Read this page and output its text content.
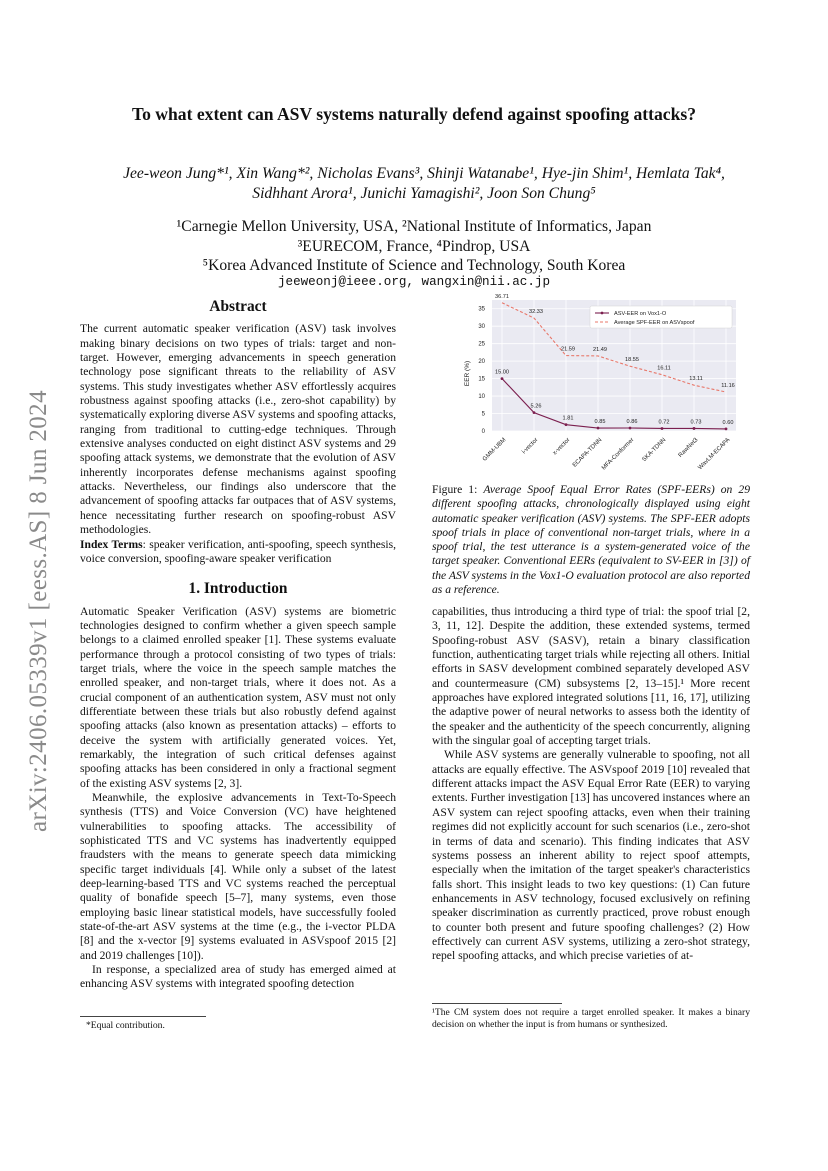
arXiv:2406.05339v1 [eess.AS] 8 Jun 2024
To what extent can ASV systems naturally defend against spoofing attacks?
Jee-weon Jung*¹, Xin Wang*², Nicholas Evans³, Shinji Watanabe¹, Hye-jin Shim¹, Hemlata Tak⁴,
Sidhhant Arora¹, Junichi Yamagishi², Joon Son Chung⁵
¹Carnegie Mellon University, USA, ²National Institute of Informatics, Japan
³EURECOM, France, ⁴Pindrop, USA
⁵Korea Advanced Institute of Science and Technology, South Korea
jeeweonj@ieee.org, wangxin@nii.ac.jp
Abstract

The current automatic speaker verification (ASV) task involves making binary decisions on two types of trials: target and non-target. However, emerging advancements in speech generation technology pose significant threats to the reliability of ASV systems. This study investigates whether ASV effortlessly acquires robustness against spoofing attacks (i.e., zero-shot capability) by systematically exploring diverse ASV systems and spoofing attacks, ranging from traditional to cutting-edge techniques. Through extensive analyses conducted on eight distinct ASV systems and 29 spoofing attack systems, we demonstrate that the evolution of ASV inherently incorporates defense mechanisms against spoofing attacks. Nevertheless, our findings also underscore that the advancement of spoofing attacks far outpaces that of ASV systems, hence necessitating further research on spoofing-robust ASV methodologies.

Index Terms: speaker verification, anti-spoofing, speech synthesis, voice conversion, spoofing-aware speaker verification

1. Introduction

Automatic Speaker Verification (ASV) systems are biometric technologies designed to confirm whether a given speech sample belongs to a claimed enrolled speaker [1]. These systems evaluate performance through a protocol consisting of two types of trials: target trials, where the voice in the speech sample matches the enrolled speaker, and non-target trials, where it does not. As a crucial component of an authentication system, ASV must not only differentiate between these trials but also robustly defend against spoofing attacks (also known as presentation attacks) – efforts to deceive the system with artificially generated voices. Yet, remarkably, the integration of such critical defenses against spoofing attacks has been considered in only a fractional segment of the existing ASV systems [2, 3].

Meanwhile, the explosive advancements in Text-To-Speech synthesis (TTS) and Voice Conversion (VC) have heightened vulnerabilities to spoofing attacks. The accessibility of sophisticated TTS and VC systems has inadvertently equipped fraudsters with the means to generate speech data mimicking specific target individuals [4]. While only a subset of the latest deep-learning-based TTS and VC systems reached the perceptual quality of bonafide speech [5–7], many systems, even those employing basic linear statistical models, have successfully fooled state-of-the-art ASV systems at the time (e.g., the i-vector PLDA [8] and the x-vector [9] systems evaluated in ASVspoof 2015 [2] and 2019 challenges [10]).

In response, a specialized area of study has emerged aimed at enhancing ASV systems with integrated spoofing detection

*Equal contribution.
0
5
10
15
20
25
30
35
GMM-UBM i-vector x-vector ECAPA-TDNN
MFA-Conformer SKA-TDNN RawNet3
WavLM-ECAPA
EER (%)	15.00
5.26
1.81
0.85	0.86	0.72	0.73	0.60
36.71
32.33
21.59	21.49
18.55
16.11
13.11
11.16
ASV-EER on Vox1-O
Average SPF-EER on ASVspoof
Figure 1: Average Spoof Equal Error Rates (SPF-EERs) on 29 different spoofing attacks, chronologically displayed using eight automatic speaker verification (ASV) systems. The SPF-EER adopts spoof trials in place of conventional non-target trials, where in a spoof trial, the test utterance is a system-generated voice of the target speaker. Conventional EERs (equivalent to SV-EER in [3]) of the ASV systems in the Vox1-O evaluation protocol are also reported as a reference.

capabilities, thus introducing a third type of trial: the spoof trial [2, 3, 11, 12]. Despite the addition, these extended systems, termed Spoofing-robust ASV (SASV), retain a binary classification function, authenticating target trials while rejecting all others. Initial efforts in SASV development combined separately developed ASV and countermeasure (CM) subsystems [2, 13–15].¹ More recent approaches have explored integrated solutions [11, 16, 17], utilizing the adaptive power of neural networks to assess both the identity of the speaker and the authenticity of the speech concurrently, aligning with the singular goal of accepting target trials.

While ASV systems are generally vulnerable to spoofing, not all attacks are equally effective. The ASVspoof 2019 [10] revealed that different attacks impact the ASV Equal Error Rate (EER) to varying extents. Further investigation [13] has uncovered instances where an ASV system can reject spoofing attacks, even when their training regimes did not explicitly account for such scenarios (i.e., zero-shot in terms of data and scenario). This finding indicates that ASV systems possess an inherent ability to reject spoof attempts, especially when the imitation of the target speaker's characteristics falls short. This insight leads to two key questions: (1) Can future enhancements in ASV technology, focused exclusively on refining speaker discrimination as currently practiced, prove robust enough to counter both present and future spoofing challenges? (2) How effectively can current ASV systems, utilizing a zero-shot strategy, repel spoofing attacks, and which precise varieties of at-

¹The CM system does not require a target enrolled speaker. It makes a binary decision on whether the input is from humans or synthesized.
